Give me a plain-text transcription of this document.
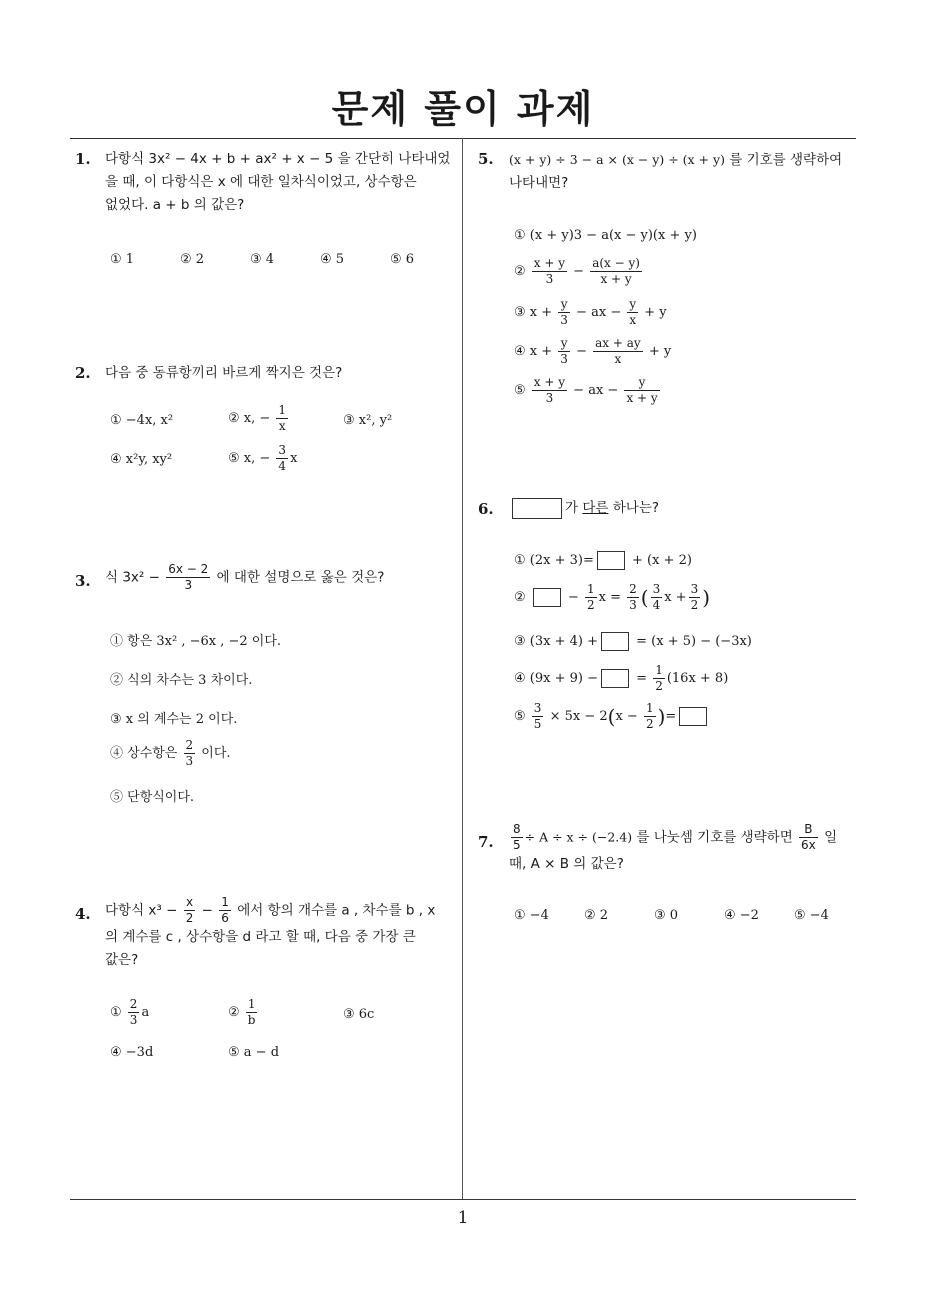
문제 풀이 과제
1
1. 다항식 3x² − 4x + b + ax² + x − 5 을 간단히 나타내었
을 때, 이 다항식은 x 에 대한 일차식이었고, 상수항은
없었다. a + b 의 값은?
① 1	② 2	③ 4	④ 5	⑤ 6
2. 다음 중 동류항끼리 바르게 짝지은 것은?
① −4x, x²	② x, − $\frac{1}{x}$	③ x², y²
④ x²y, xy²	⑤ x, − $\frac{3}{4}$ x
3. 식 $3x^2 - \frac{6x - 2}{3}$ 에 대한 설명으로 옳은 것은?
① 항은 3x² , −6x , −2 이다.
② 식의 차수는 3 차이다.
③ x 의 계수는 2 이다.
④ 상수항은 $\frac{2}{3}$ 이다.
⑤ 단항식이다.
4. 다항식 $x^3 - \frac{x}{2} - \frac{1}{6}$ 에서 항의 개수를 a , 차수를 b , x
의 계수를 c , 상수항을 d 라고 할 때, 다음 중 가장 큰
값은?
① $\frac{2}{3}$ a	② $\frac{1}{b}$	③ 6c
④ −3d	⑤ a − d
5. (x + y) ÷ 3 − a × (x − y) ÷ (x + y) 를 기호를 생략하여
나타내면?
① (x + y)3 − a(x − y)(x + y)
② $\frac{x + y}{3} - \frac{a(x - y)}{x + y}$
③ $x + \frac{y}{3}$ − ax − $\frac{y}{x} + y$
④ $x + \frac{y}{3} - \frac{ax + ay}{x} + y$
⑤ $\frac{x + y}{3}$ − ax − $\frac{y}{x + y}$
6.	가 다른 하나는?
① (2x + 3)=	+ (x + 2)
②	− $\frac{1}{2}$ $x = \frac{2}{3}$ ( $\frac{3}{4}$ $x + \frac{3}{2}$ )
③ (3x + 4) +	= (x + 5) − (−3x)
④ (9x + 9) −	= $\frac{1}{2} (16x + 8)$
⑤ $\frac{3}{5} \times 5x - 2(x - \frac{1}{2}$ )=
7. $\frac{8}{5} \div A \div x \div (-2.4)$ 를 나눗셈 기호를 생략하면 $\frac{B}{6x}$ 일
때, A × B 의 값은?
① −4	② 2	③ 0	④ −2	⑤ −4
